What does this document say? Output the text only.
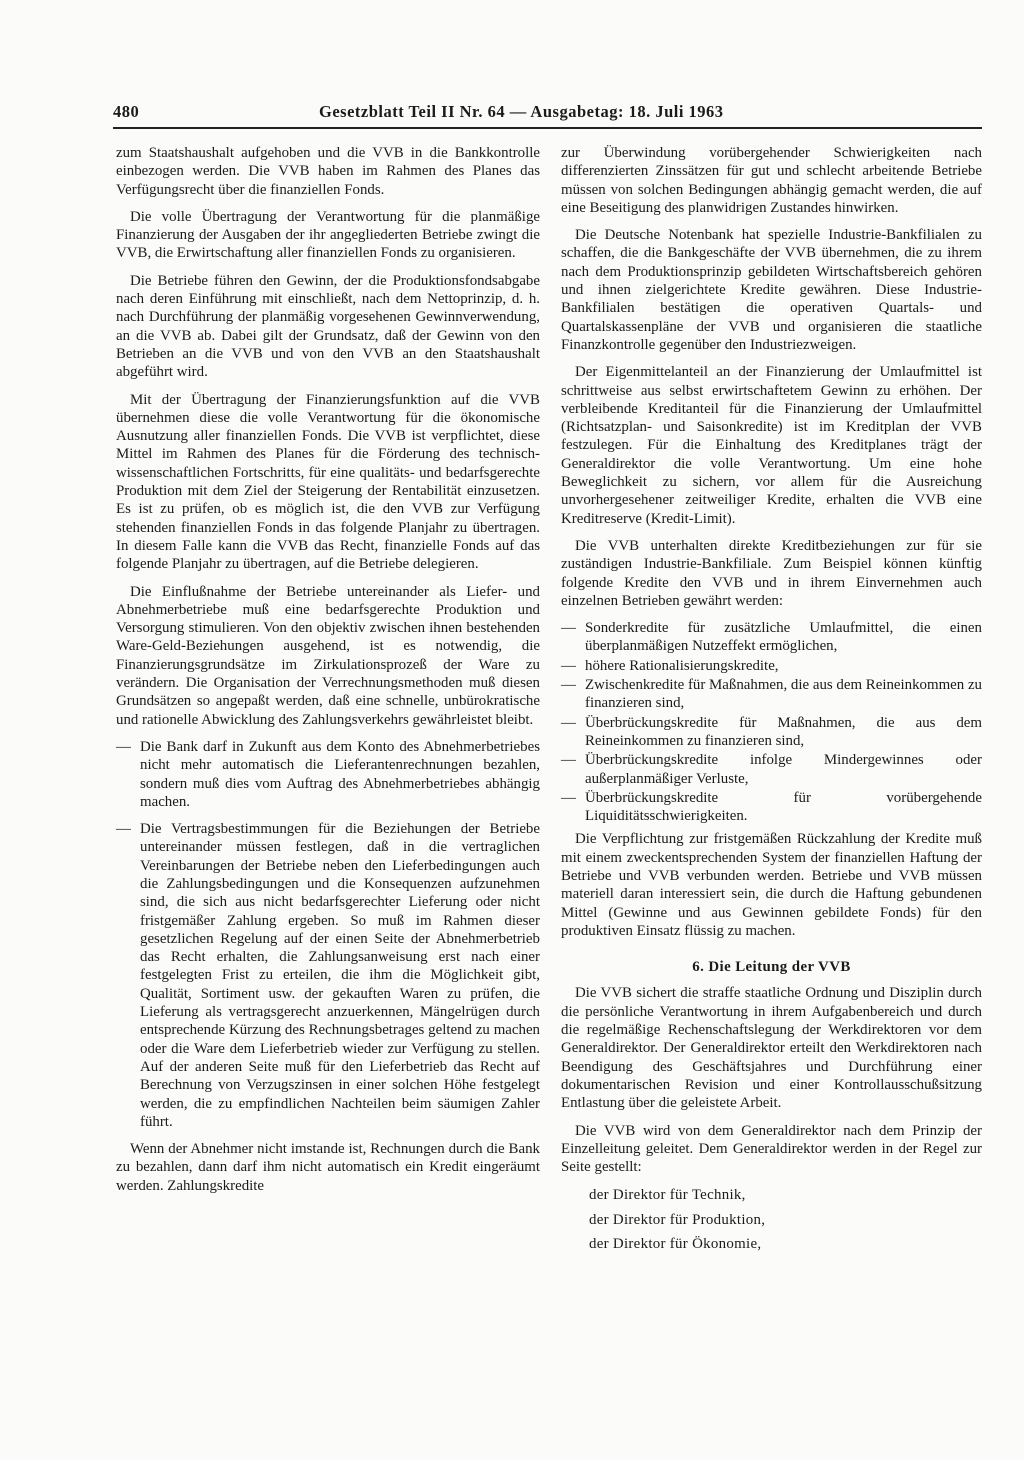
480	Gesetzblatt Teil II Nr. 64 — Ausgabetag: 18. Juli 1963

zum Staatshaushalt aufgehoben und die VVB in die Bankkontrolle einbezogen werden. Die VVB haben im Rahmen des Planes das Verfügungsrecht über die finanziellen Fonds.

Die volle Übertragung der Verantwortung für die planmäßige Finanzierung der Ausgaben der ihr angegliederten Betriebe zwingt die VVB, die Erwirtschaftung aller finanziellen Fonds zu organisieren.

Die Betriebe führen den Gewinn, der die Produktionsfondsabgabe nach deren Einführung mit einschließt, nach dem Nettoprinzip, d. h. nach Durchführung der planmäßig vorgesehenen Gewinnverwendung, an die VVB ab. Dabei gilt der Grundsatz, daß der Gewinn von den Betrieben an die VVB und von den VVB an den Staatshaushalt abgeführt wird.

Mit der Übertragung der Finanzierungsfunktion auf die VVB übernehmen diese die volle Verantwortung für die ökonomische Ausnutzung aller finanziellen Fonds. Die VVB ist verpflichtet, diese Mittel im Rahmen des Planes für die Förderung des technisch-wissenschaftlichen Fortschritts, für eine qualitäts- und bedarfsgerechte Produktion mit dem Ziel der Steigerung der Rentabilität einzusetzen. Es ist zu prüfen, ob es möglich ist, die den VVB zur Verfügung stehenden finanziellen Fonds in das folgende Planjahr zu übertragen. In diesem Falle kann die VVB das Recht, finanzielle Fonds auf das folgende Planjahr zu übertragen, auf die Betriebe delegieren.

Die Einflußnahme der Betriebe untereinander als Liefer- und Abnehmerbetriebe muß eine bedarfsgerechte Produktion und Versorgung stimulieren. Von den objektiv zwischen ihnen bestehenden Ware-Geld-Beziehungen ausgehend, ist es notwendig, die Finanzierungsgrundsätze im Zirkulationsprozeß der Ware zu verändern. Die Organisation der Verrechnungsmethoden muß diesen Grundsätzen so angepaßt werden, daß eine schnelle, unbürokratische und rationelle Abwicklung des Zahlungsverkehrs gewährleistet bleibt.

— Die Bank darf in Zukunft aus dem Konto des Abnehmerbetriebes nicht mehr automatisch die Lieferantenrechnungen bezahlen, sondern muß dies vom Auftrag des Abnehmerbetriebes abhängig machen.

— Die Vertragsbestimmungen für die Beziehungen der Betriebe untereinander müssen festlegen, daß in die vertraglichen Vereinbarungen der Betriebe neben den Lieferbedingungen auch die Zahlungsbedingungen und die Konsequenzen aufzunehmen sind, die sich aus nicht bedarfsgerechter Lieferung oder nicht fristgemäßer Zahlung ergeben. So muß im Rahmen dieser gesetzlichen Regelung auf der einen Seite der Abnehmerbetrieb das Recht erhalten, die Zahlungsanweisung erst nach einer festgelegten Frist zu erteilen, die ihm die Möglichkeit gibt, Qualität, Sortiment usw. der gekauften Waren zu prüfen, die Lieferung als vertragsgerecht anzuerkennen, Mängelrügen durch entsprechende Kürzung des Rechnungsbetrages geltend zu machen oder die Ware dem Lieferbetrieb wieder zur Verfügung zu stellen. Auf der anderen Seite muß für den Lieferbetrieb das Recht auf Berechnung von Verzugszinsen in einer solchen Höhe festgelegt werden, die zu empfindlichen Nachteilen beim säumigen Zahler führt.

Wenn der Abnehmer nicht imstande ist, Rechnungen durch die Bank zu bezahlen, dann darf ihm nicht automatisch ein Kredit eingeräumt werden. Zahlungskredite

zur Überwindung vorübergehender Schwierigkeiten nach differenzierten Zinssätzen für gut und schlecht arbeitende Betriebe müssen von solchen Bedingungen abhängig gemacht werden, die auf eine Beseitigung des planwidrigen Zustandes hinwirken.

Die Deutsche Notenbank hat spezielle Industrie-Bankfilialen zu schaffen, die die Bankgeschäfte der VVB übernehmen, die zu ihrem nach dem Produktionsprinzip gebildeten Wirtschaftsbereich gehören und ihnen zielgerichtete Kredite gewähren. Diese Industrie-Bankfilialen bestätigen die operativen Quartals- und Quartalskassenpläne der VVB und organisieren die staatliche Finanzkontrolle gegenüber den Industriezweigen.

Der Eigenmittelanteil an der Finanzierung der Umlaufmittel ist schrittweise aus selbst erwirtschaftetem Gewinn zu erhöhen. Der verbleibende Kreditanteil für die Finanzierung der Umlaufmittel (Richtsatzplan- und Saisonkredite) ist im Kreditplan der VVB festzulegen. Für die Einhaltung des Kreditplanes trägt der Generaldirektor die volle Verantwortung. Um eine hohe Beweglichkeit zu sichern, vor allem für die Ausreichung unvorhergesehener zeitweiliger Kredite, erhalten die VVB eine Kreditreserve (Kredit-Limit).

Die VVB unterhalten direkte Kreditbeziehungen zur für sie zuständigen Industrie-Bankfiliale. Zum Beispiel können künftig folgende Kredite den VVB und in ihrem Einvernehmen auch einzelnen Betrieben gewährt werden:

— Sonderkredite für zusätzliche Umlaufmittel, die einen überplanmäßigen Nutzeffekt ermöglichen,

— höhere Rationalisierungskredite,

— Zwischenkredite für Maßnahmen, die aus dem Reineinkommen zu finanzieren sind,

— Überbrückungskredite für Maßnahmen, die aus dem Reineinkommen zu finanzieren sind,

— Überbrückungskredite infolge Mindergewinnes oder außerplanmäßiger Verluste,

— Überbrückungskredite für vorübergehende Liquiditätsschwierigkeiten.

Die Verpflichtung zur fristgemäßen Rückzahlung der Kredite muß mit einem zweckentsprechenden System der finanziellen Haftung der Betriebe und VVB verbunden werden. Betriebe und VVB müssen materiell daran interessiert sein, die durch die Haftung gebundenen Mittel (Gewinne und aus Gewinnen gebildete Fonds) für den produktiven Einsatz flüssig zu machen.

6. Die Leitung der VVB

Die VVB sichert die straffe staatliche Ordnung und Disziplin durch die persönliche Verantwortung in ihrem Aufgabenbereich und durch die regelmäßige Rechenschaftslegung der Werkdirektoren vor dem Generaldirektor. Der Generaldirektor erteilt den Werkdirektoren nach Beendigung des Geschäftsjahres und Durchführung einer dokumentarischen Revision und einer Kontrollausschußsitzung Entlastung über die geleistete Arbeit.

Die VVB wird von dem Generaldirektor nach dem Prinzip der Einzelleitung geleitet. Dem Generaldirektor werden in der Regel zur Seite gestellt:

der Direktor für Technik,
der Direktor für Produktion,
der Direktor für Ökonomie,
